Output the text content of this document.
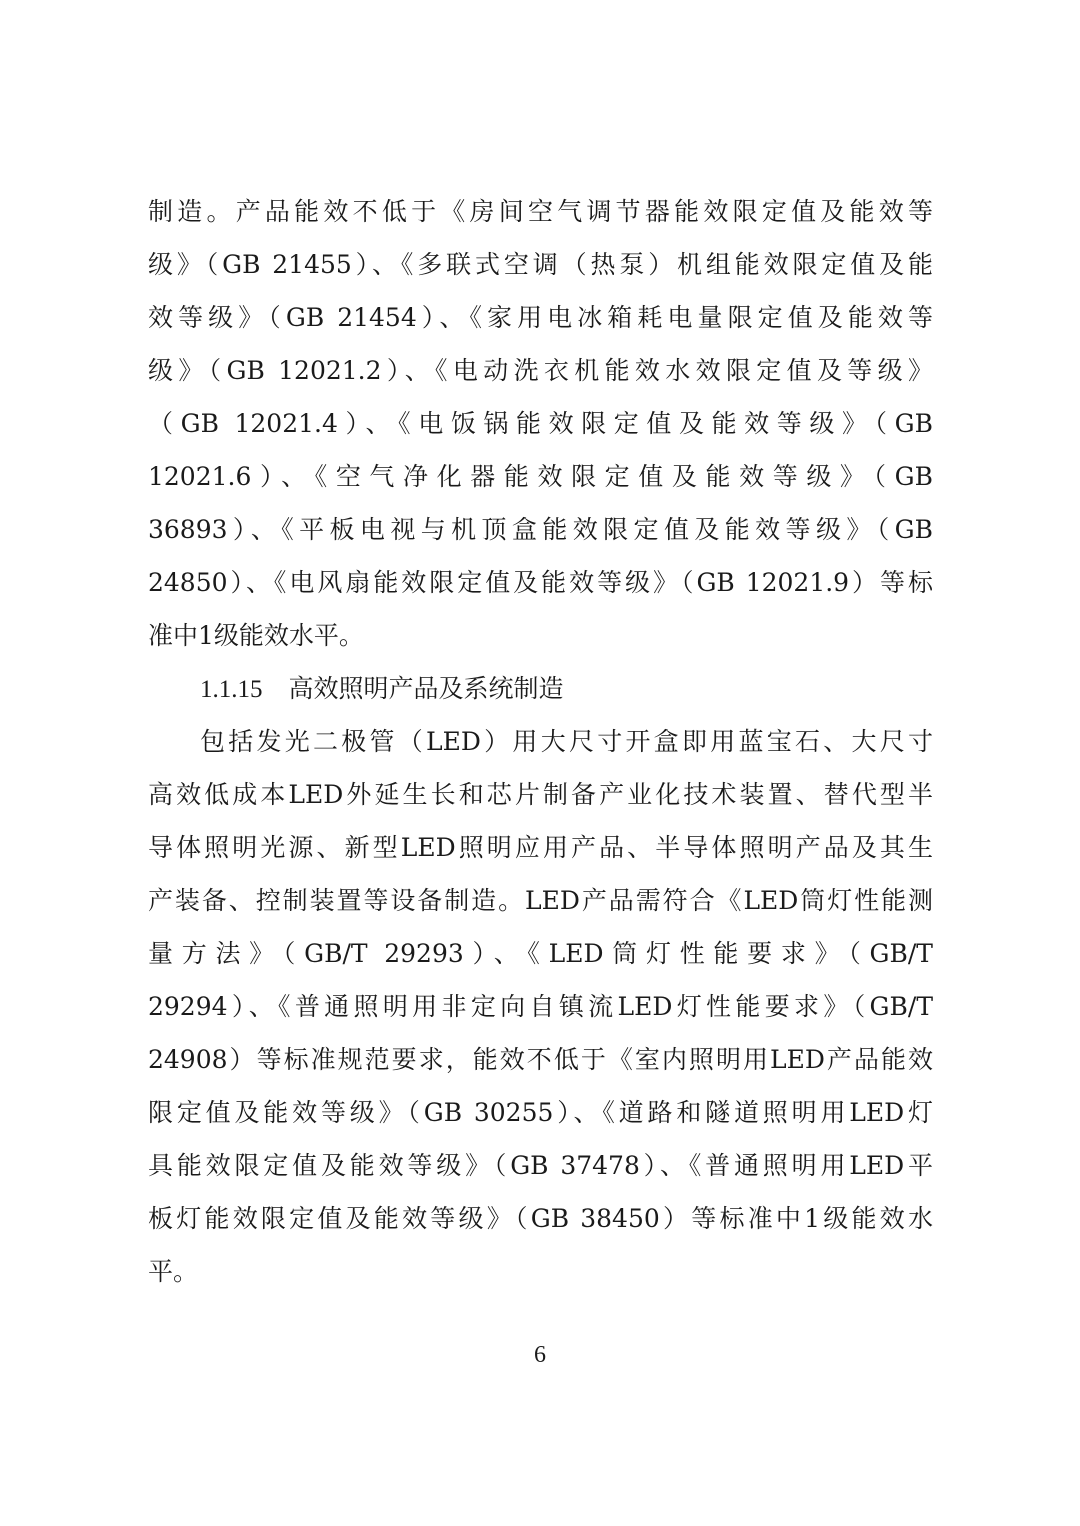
制造。产品能效不低于《房间空气调节器能效限定值及能效等
级》（GB 21455）、《多联式空调（热泵）机组能效限定值及能
效等级》（GB 21454）、《家用电冰箱耗电量限定值及能效等
级》（GB 12021.2）、《电动洗衣机能效水效限定值及等级》
（GB 12021.4）、《电饭锅能效限定值及能效等级》（GB
12021.6）、《空气净化器能效限定值及能效等级》（GB
36893）、《平板电视与机顶盒能效限定值及能效等级》（GB
24850）、《电风扇能效限定值及能效等级》（GB 12021.9）等标
准中1级能效水平。
1.1.15 高效照明产品及系统制造
包括发光二极管（LED）用大尺寸开盒即用蓝宝石、大尺寸
高效低成本LED外延生长和芯片制备产业化技术装置、替代型半
导体照明光源、新型LED照明应用产品、半导体照明产品及其生
产装备、控制装置等设备制造。LED产品需符合《LED筒灯性能测
量方法》（GB/T 29293）、《LED筒灯性能要求》（GB/T
29294）、《普通照明用非定向自镇流LED灯性能要求》（GB/T
24908）等标准规范要求，能效不低于《室内照明用LED产品能效
限定值及能效等级》（GB 30255）、《道路和隧道照明用LED灯
具能效限定值及能效等级》（GB 37478）、《普通照明用LED平
板灯能效限定值及能效等级》（GB 38450）等标准中1级能效水
平。
6
